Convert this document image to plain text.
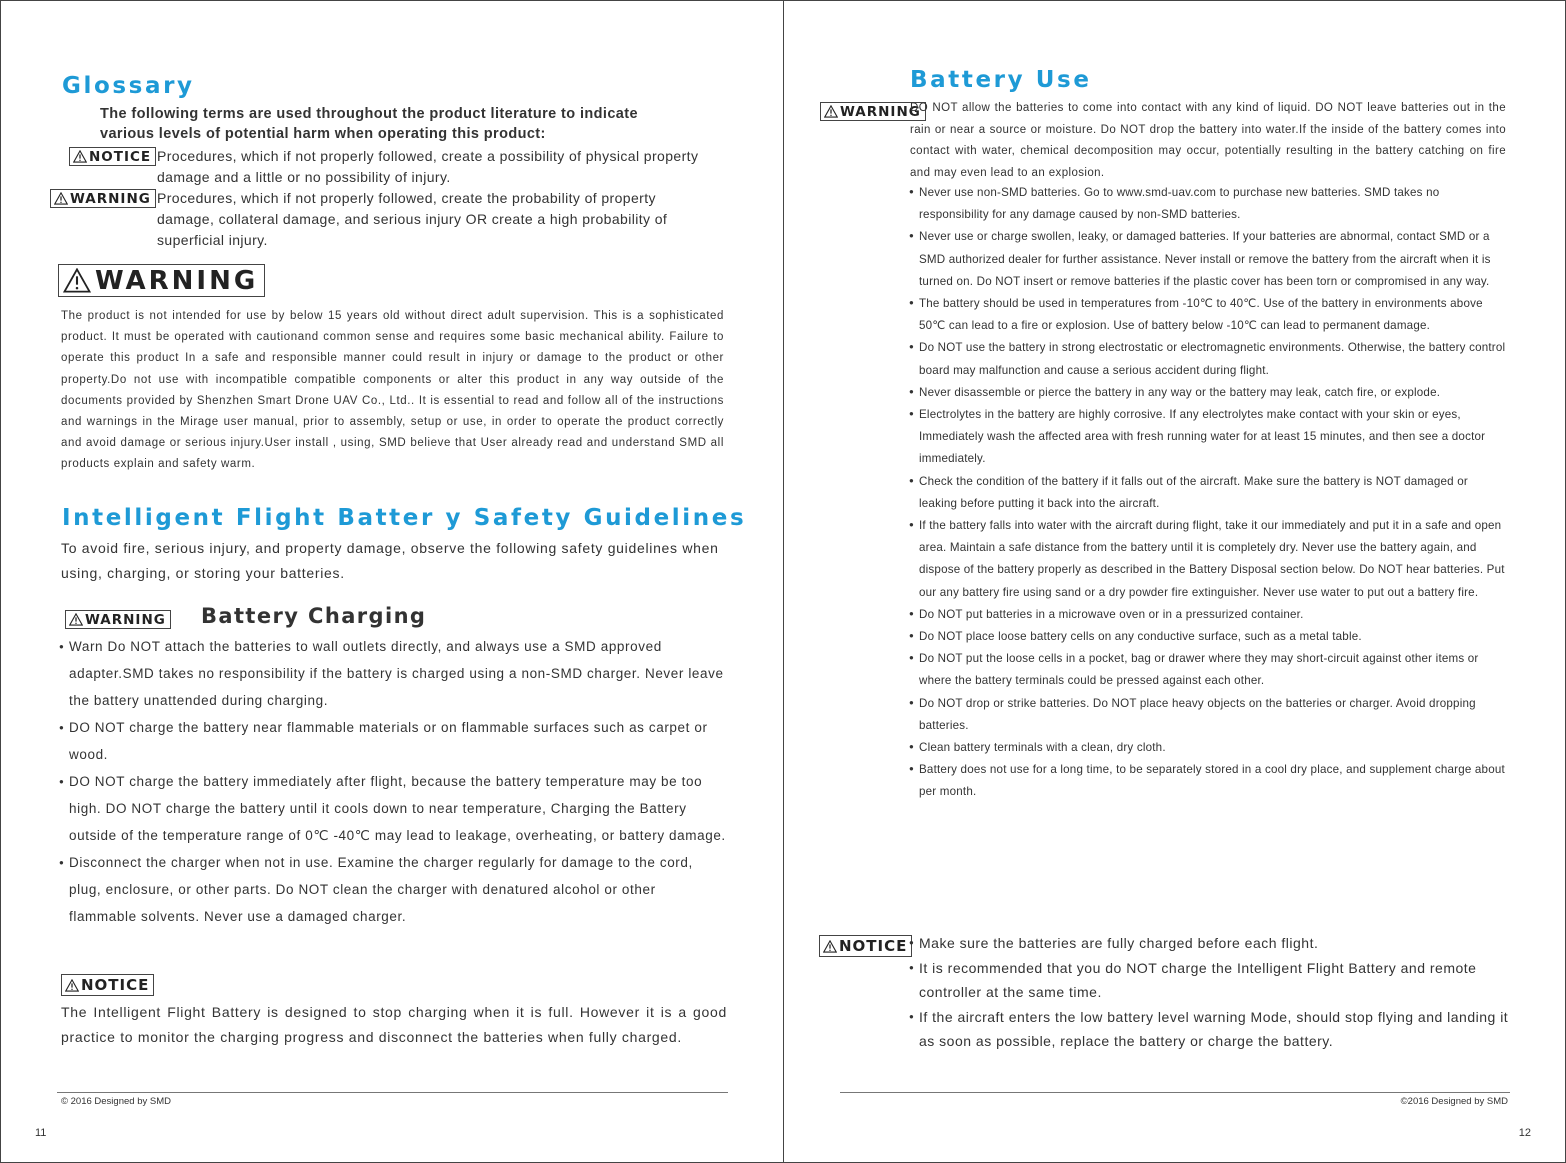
Glossary
The following terms are used throughout the product literature to indicate various levels of potential harm when operating this product:
NOTICE Procedures, which if not properly followed, create a possibility of physical property damage and a little or no possibility of injury.
WARNING Procedures, which if not properly followed, create the probability of property damage, collateral damage, and serious injury OR create a high probability of superficial injury.
WARNING
The product is not intended for use by below 15 years old without direct adult supervision. This is a sophisticated product. It must be operated with cautionand common sense and requires some basic mechanical ability. Failure to operate this product In a safe and responsible manner could result in injury or damage to the product or other property.Do not use with incompatible compatible components or alter this product in any way outside of the documents provided by Shenzhen Smart Drone UAV Co., Ltd.. It is essential to read and follow all of the instructions and warnings in the Mirage user manual, prior to assembly, setup or use, in order to operate the product correctly and avoid damage or serious injury.User install , using, SMD believe that User already read and understand SMD all products explain and safety warm.
Intelligent Flight Batter y Safety Guidelines
To avoid fire, serious injury, and property damage, observe the following safety guidelines when using, charging, or storing your batteries.
WARNING Battery Charging
● Warn Do NOT attach the batteries to wall outlets directly, and always use a SMD approved adapter.SMD takes no responsibility if the battery is charged using a non-SMD charger. Never leave the battery unattended during charging.
● DO NOT charge the battery near flammable materials or on flammable surfaces such as carpet or wood.
● DO NOT charge the battery immediately after flight, because the battery temperature may be too high. DO NOT charge the battery until it cools down to near temperature, Charging the Battery outside of the temperature range of 0℃ -40℃ may lead to leakage, overheating, or battery damage.
● Disconnect the charger when not in use. Examine the charger regularly for damage to the cord, plug, enclosure, or other parts. Do NOT clean the charger with denatured alcohol or other flammable solvents. Never use a damaged charger.
NOTICE
The Intelligent Flight Battery is designed to stop charging when it is full. However it is a good practice to monitor the charging progress and disconnect the batteries when fully charged.
© 2016 Designed by SMD
11
Battery Use
WARNING
DO NOT allow the batteries to come into contact with any kind of liquid. DO NOT leave batteries out in the rain or near a source or moisture. Do NOT drop the battery into water.If the inside of the battery comes into contact with water, chemical decomposition may occur, potentially resulting in the battery catching on fire and may even lead to an explosion.
● Never use non-SMD batteries. Go to www.smd-uav.com to purchase new batteries. SMD takes no responsibility for any damage caused by non-SMD batteries.
● Never use or charge swollen, leaky, or damaged batteries. If your batteries are abnormal, contact SMD or a SMD authorized dealer for further assistance. Never install or remove the battery from the aircraft when it is turned on. Do NOT insert or remove batteries if the plastic cover has been torn or compromised in any way.
● The battery should be used in temperatures from -10℃ to 40℃. Use of the battery in environments above 50℃ can lead to a fire or explosion. Use of battery below -10℃ can lead to permanent damage.
● Do NOT use the battery in strong electrostatic or electromagnetic environments. Otherwise, the battery control board may malfunction and cause a serious accident during flight.
● Never disassemble or pierce the battery in any way or the battery may leak, catch fire, or explode.
● Electrolytes in the battery are highly corrosive. If any electrolytes make contact with your skin or eyes, Immediately wash the affected area with fresh running water for at least 15 minutes, and then see a doctor immediately.
● Check the condition of the battery if it falls out of the aircraft. Make sure the battery is NOT damaged or leaking before putting it back into the aircraft.
● If the battery falls into water with the aircraft during flight, take it our immediately and put it in a safe and open area. Maintain a safe distance from the battery until it is completely dry. Never use the battery again, and dispose of the battery properly as described in the Battery Disposal section below. Do NOT hear batteries. Put our any battery fire using sand or a dry powder fire extinguisher. Never use water to put out a battery fire.
● Do NOT put batteries in a microwave oven or in a pressurized container.
● Do NOT place loose battery cells on any conductive surface, such as a metal table.
● Do NOT put the loose cells in a pocket, bag or drawer where they may short-circuit against other items or where the battery terminals could be pressed against each other.
● Do NOT drop or strike batteries. Do NOT place heavy objects on the batteries or charger. Avoid dropping batteries.
● Clean battery terminals with a clean, dry cloth.
● Battery does not use for a long time, to be separately stored in a cool dry place, and supplement charge about per month.
NOTICE
● Make sure the batteries are fully charged before each flight.
● It is recommended that you do NOT charge the Intelligent Flight Battery and remote controller at the same time.
● If the aircraft enters the low battery level warning Mode, should stop flying and landing it as soon as possible, replace the battery or charge the battery.
©2016 Designed by SMD
12
